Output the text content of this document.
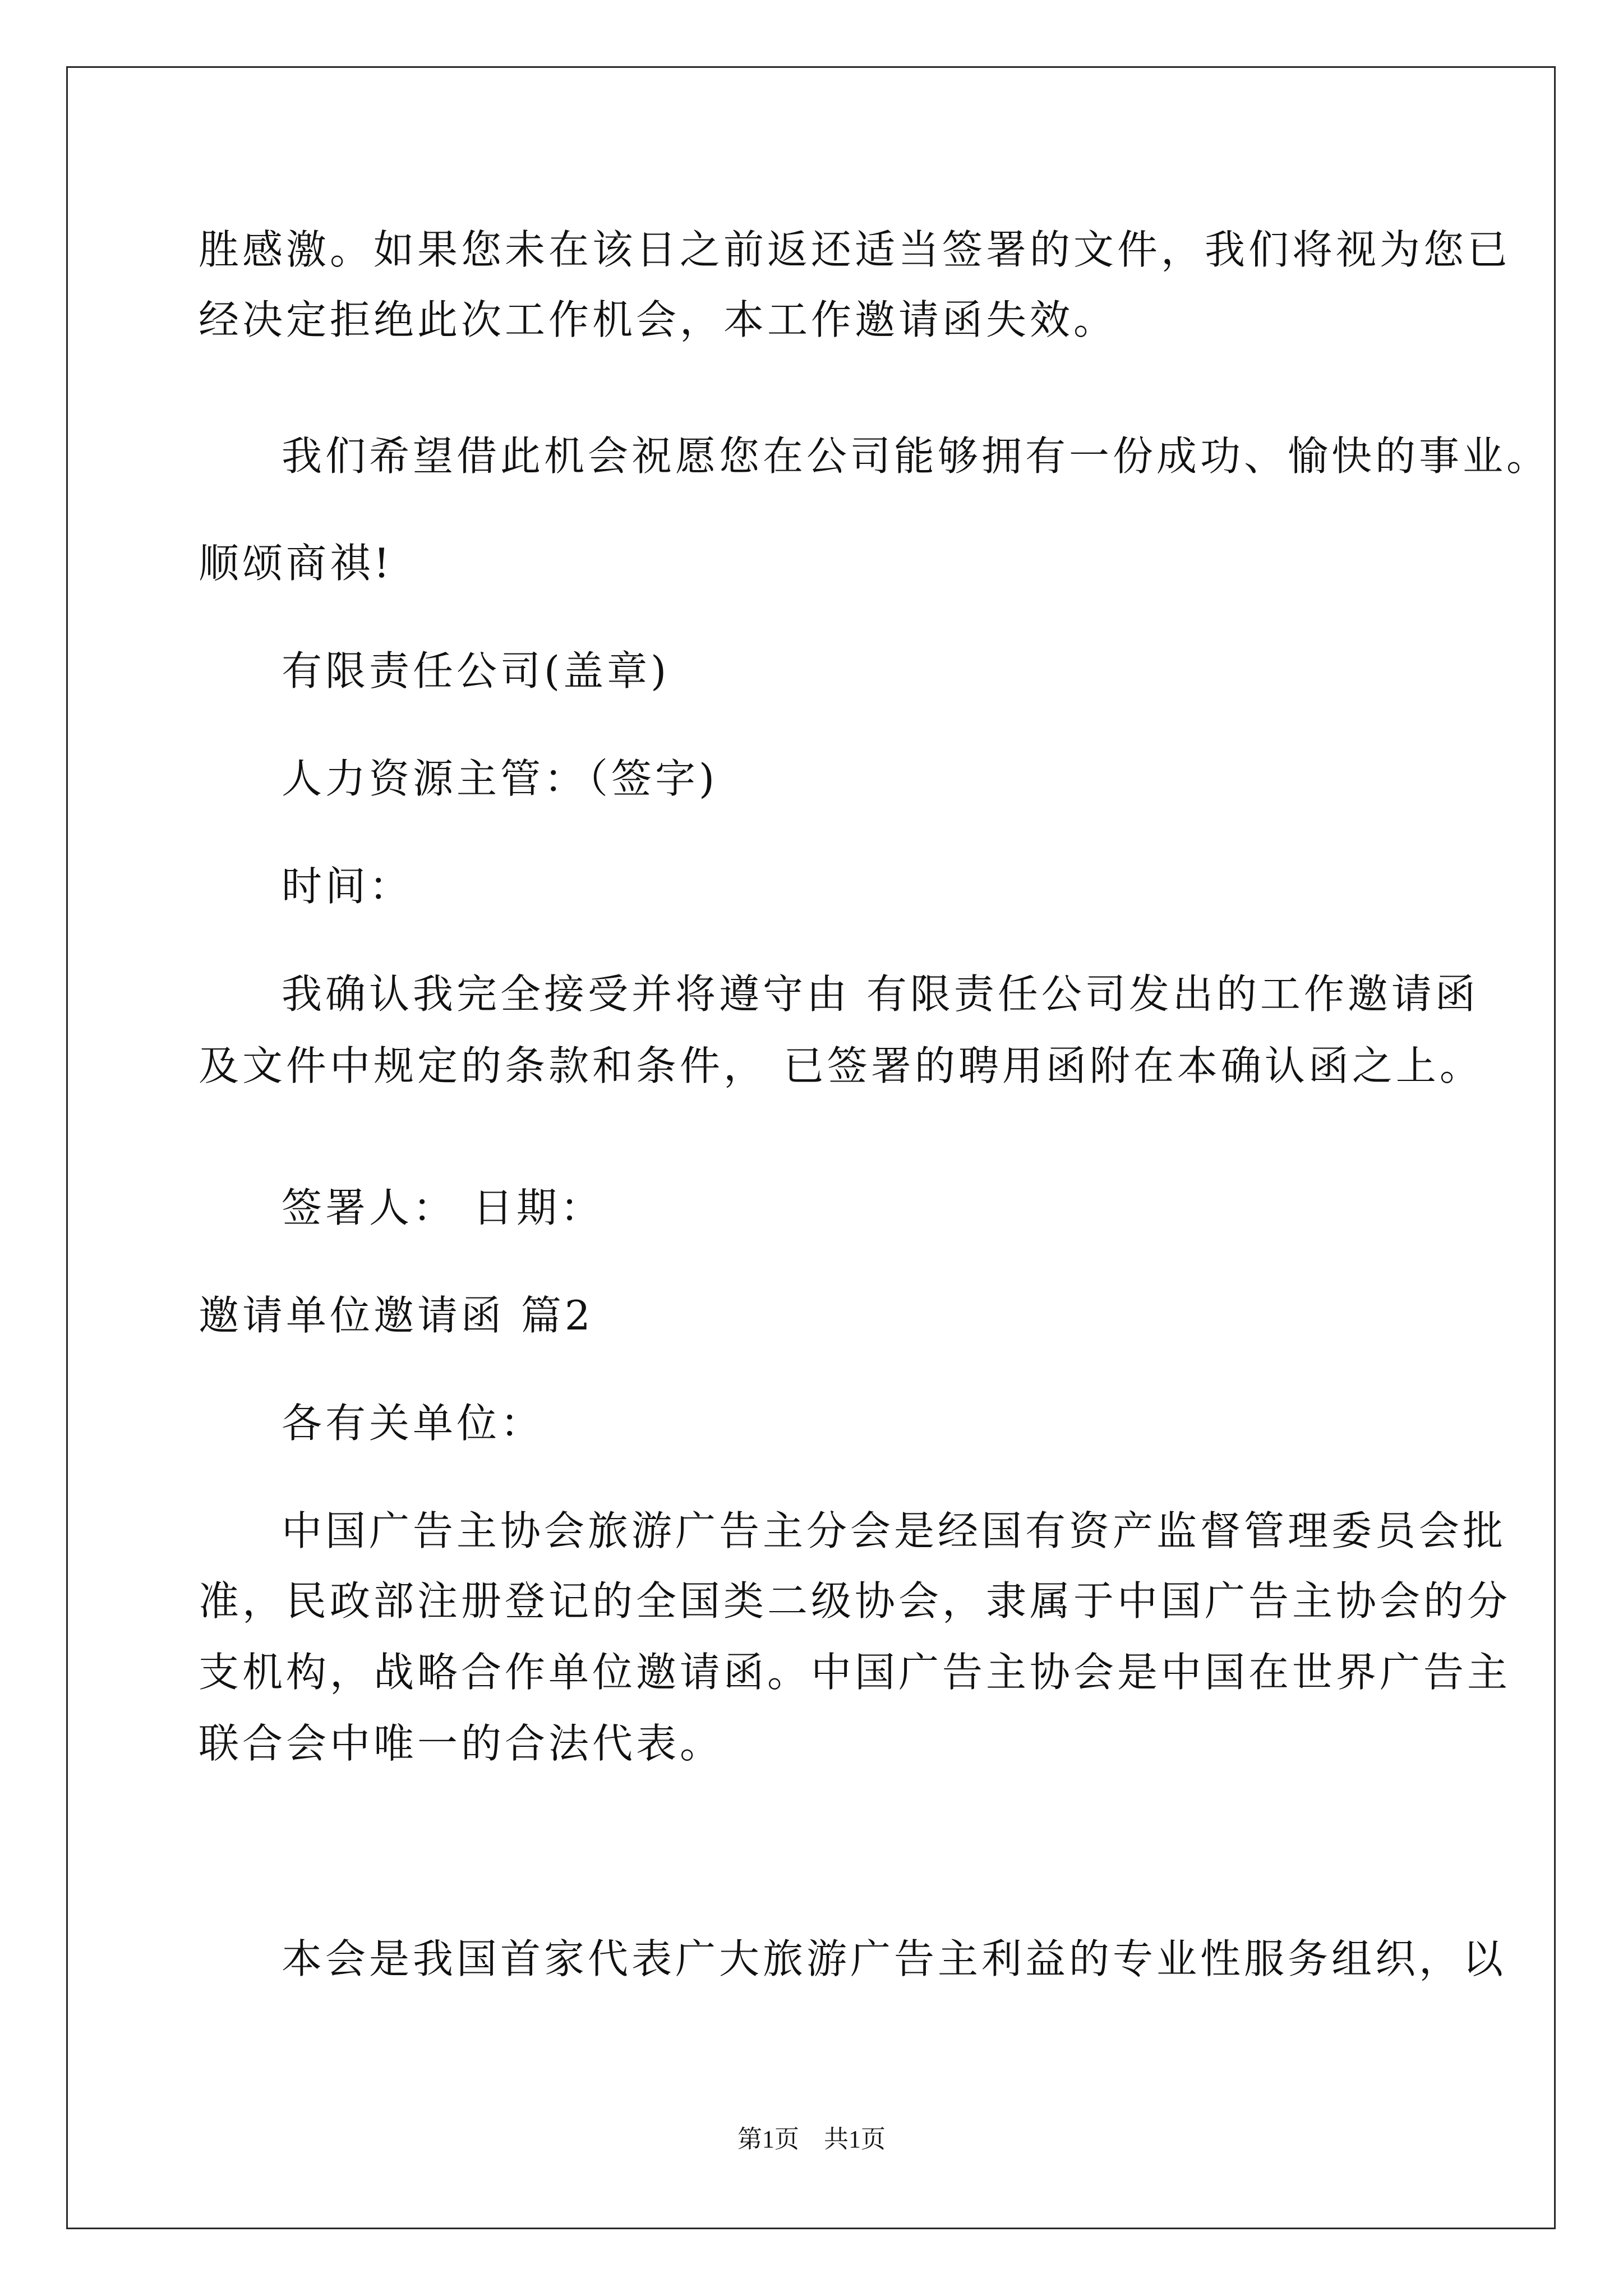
胜感激。如果您未在该日之前返还适当签署的文件，我们将视为您已
经决定拒绝此次工作机会，本工作邀请函失效。
我们希望借此机会祝愿您在公司能够拥有一份成功、愉快的事业。
顺颂商祺!
有限责任公司(盖章)
人力资源主管：（签字)
时间：
我确认我完全接受并将遵守由 有限责任公司发出的工作邀请函
及文件中规定的条款和条件， 已签署的聘用函附在本确认函之上。
签署人： 日期：
邀请单位邀请函 篇2
各有关单位：
中国广告主协会旅游广告主分会是经国有资产监督管理委员会批
准，民政部注册登记的全国类二级协会，隶属于中国广告主协会的分
支机构，战略合作单位邀请函。中国广告主协会是中国在世界广告主
联合会中唯一的合法代表。
本会是我国首家代表广大旅游广告主利益的专业性服务组织，以
第1页　共1页
